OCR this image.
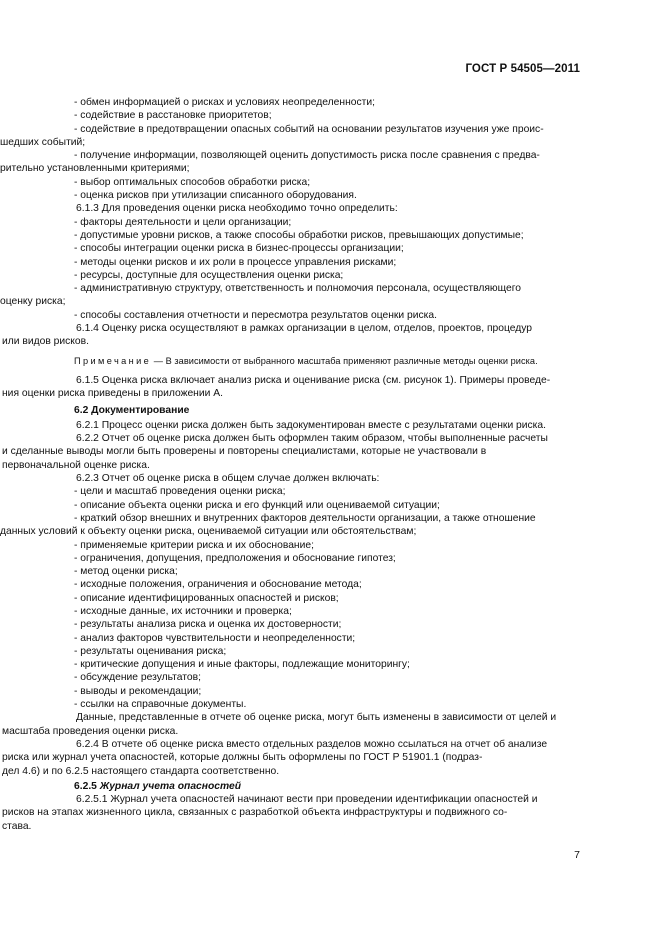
ГОСТ Р 54505—2011
- обмен информацией о рисках и условиях неопределенности;
- содействие в расстановке приоритетов;
- содействие в предотвращении опасных событий на основании результатов изучения уже проис-
шедших событий;
- получение информации, позволяющей оценить допустимость риска после сравнения с предва-
рительно установленными критериями;
- выбор оптимальных способов обработки риска;
- оценка рисков при утилизации списанного оборудования.
6.1.3 Для проведения оценки риска необходимо точно определить:
- факторы деятельности и цели организации;
- допустимые уровни рисков, а также способы обработки рисков, превышающих допустимые;
- способы интеграции оценки риска в бизнес-процессы организации;
- методы оценки рисков и их роли в процессе управления рисками;
- ресурсы, доступные для осуществления оценки риска;
- административную структуру, ответственность и полномочия персонала, осуществляющего
оценку риска;
- способы составления отчетности и пересмотра результатов оценки риска.
6.1.4 Оценку риска осуществляют в рамках организации в целом, отделов, проектов, процедур
или видов рисков.
Примечание — В зависимости от выбранного масштаба применяют различные методы оценки риска.
6.1.5 Оценка риска включает анализ риска и оценивание риска (см. рисунок 1). Примеры проведе-
ния оценки риска приведены в приложении А.
6.2 Документирование
6.2.1 Процесс оценки риска должен быть задокументирован вместе с результатами оценки риска.
6.2.2 Отчет об оценке риска должен быть оформлен таким образом, чтобы выполненные расчеты
и сделанные выводы могли быть проверены и повторены специалистами, которые не участвовали в
первоначальной оценке риска.
6.2.3 Отчет об оценке риска в общем случае должен включать:
- цели и масштаб проведения оценки риска;
- описание объекта оценки риска и его функций или оцениваемой ситуации;
- краткий обзор внешних и внутренних факторов деятельности организации, а также отношение
данных условий к объекту оценки риска, оцениваемой ситуации или обстоятельствам;
- применяемые критерии риска и их обоснование;
- ограничения, допущения, предположения и обоснование гипотез;
- метод оценки риска;
- исходные положения, ограничения и обоснование метода;
- описание идентифицированных опасностей и рисков;
- исходные данные, их источники и проверка;
- результаты анализа риска и оценка их достоверности;
- анализ факторов чувствительности и неопределенности;
- результаты оценивания риска;
- критические допущения и иные факторы, подлежащие мониторингу;
- обсуждение результатов;
- выводы и рекомендации;
- ссылки на справочные документы.
Данные, представленные в отчете об оценке риска, могут быть изменены в зависимости от целей и
масштаба проведения оценки риска.
6.2.4 В отчете об оценке риска вместо отдельных разделов можно ссылаться на отчет об анализе
риска или журнал учета опасностей, которые должны быть оформлены по ГОСТ Р 51901.1 (подраз-
дел 4.6) и по 6.2.5 настоящего стандарта соответственно.
6.2.5 Журнал учета опасностей
6.2.5.1 Журнал учета опасностей начинают вести при проведении идентификации опасностей и
рисков на этапах жизненного цикла, связанных с разработкой объекта инфраструктуры и подвижного со-
става.
7
